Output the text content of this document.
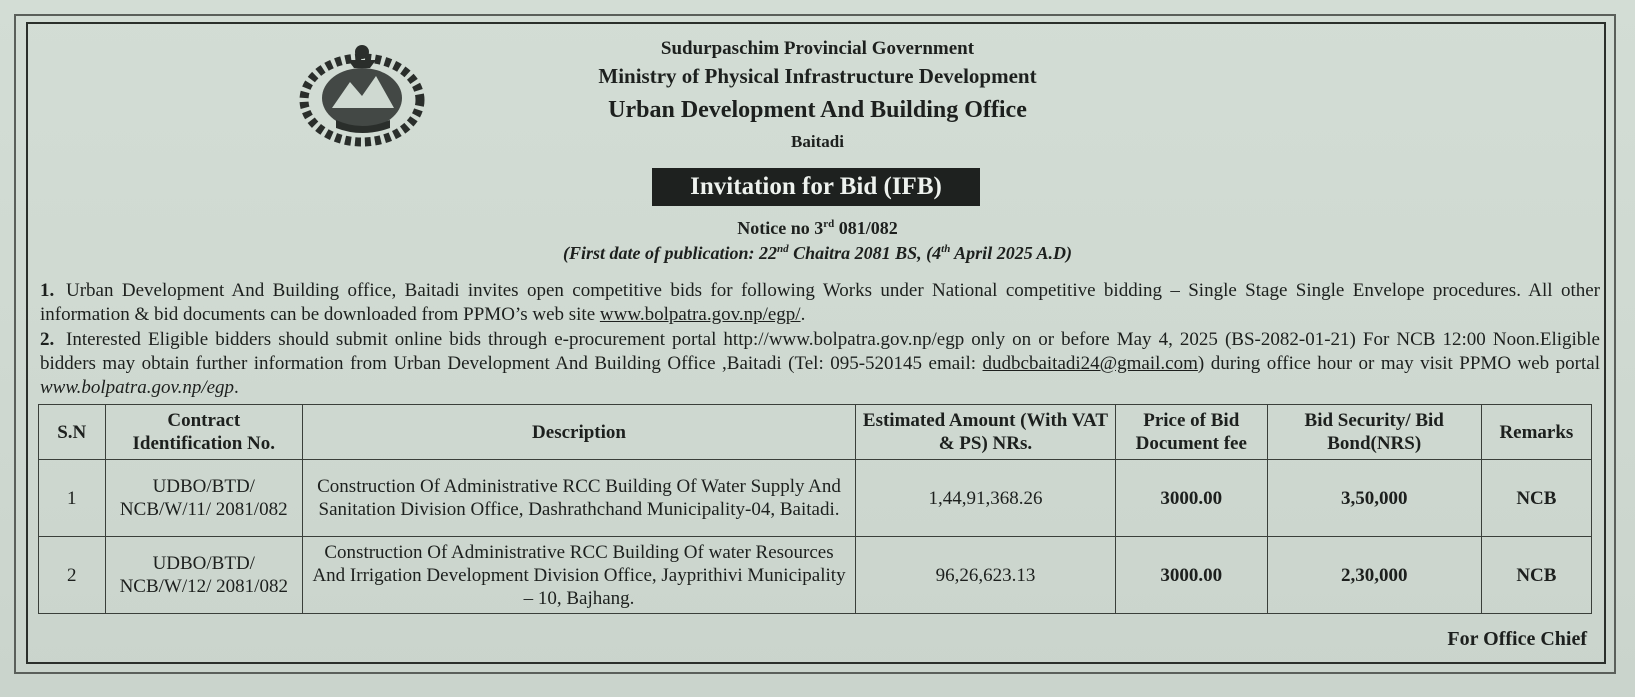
Sudurpaschim Provincial Government
Ministry of Physical Infrastructure Development
Urban Development And Building Office
Baitadi
Invitation for Bid (IFB)
Notice no 3rd 081/082
(First date of publication: 22nd Chaitra 2081 BS, (4th April 2025 A.D)
1. Urban Development And Building office, Baitadi invites open competitive bids for following Works under National competitive bidding – Single Stage Single Envelope procedures. All other information & bid documents can be downloaded from PPMO’s web site www.bolpatra.gov.np/egp/.
2. Interested Eligible bidders should submit online bids through e-procurement portal http://www.bolpatra.gov.np/egp only on or before May 4, 2025 (BS-2082-01-21) For NCB 12:00 Noon.Eligible bidders may obtain further information from Urban Development And Building Office ,Baitadi (Tel: 095-520145 email: dudbcbaitadi24@gmail.com) during office hour or may visit PPMO web portal www.bolpatra.gov.np/egp.
S.N	Contract Identification No.	Description	Estimated Amount (With VAT & PS) NRs.	Price of Bid Document fee	Bid Security/ Bid Bond(NRS)	Remarks
1	UDBO/BTD/ NCB/W/11/ 2081/082	Construction Of Administrative RCC Building Of Water Supply And Sanitation Division Office, Dashrathchand Municipality-04, Baitadi.	1,44,91,368.26	3000.00	3,50,000	NCB
2	UDBO/BTD/ NCB/W/12/ 2081/082	Construction Of Administrative RCC Building Of water Resources And Irrigation Development Division Office, Jayprithivi Municipality – 10, Bajhang.	96,26,623.13	3000.00	2,30,000	NCB
For Office Chief
